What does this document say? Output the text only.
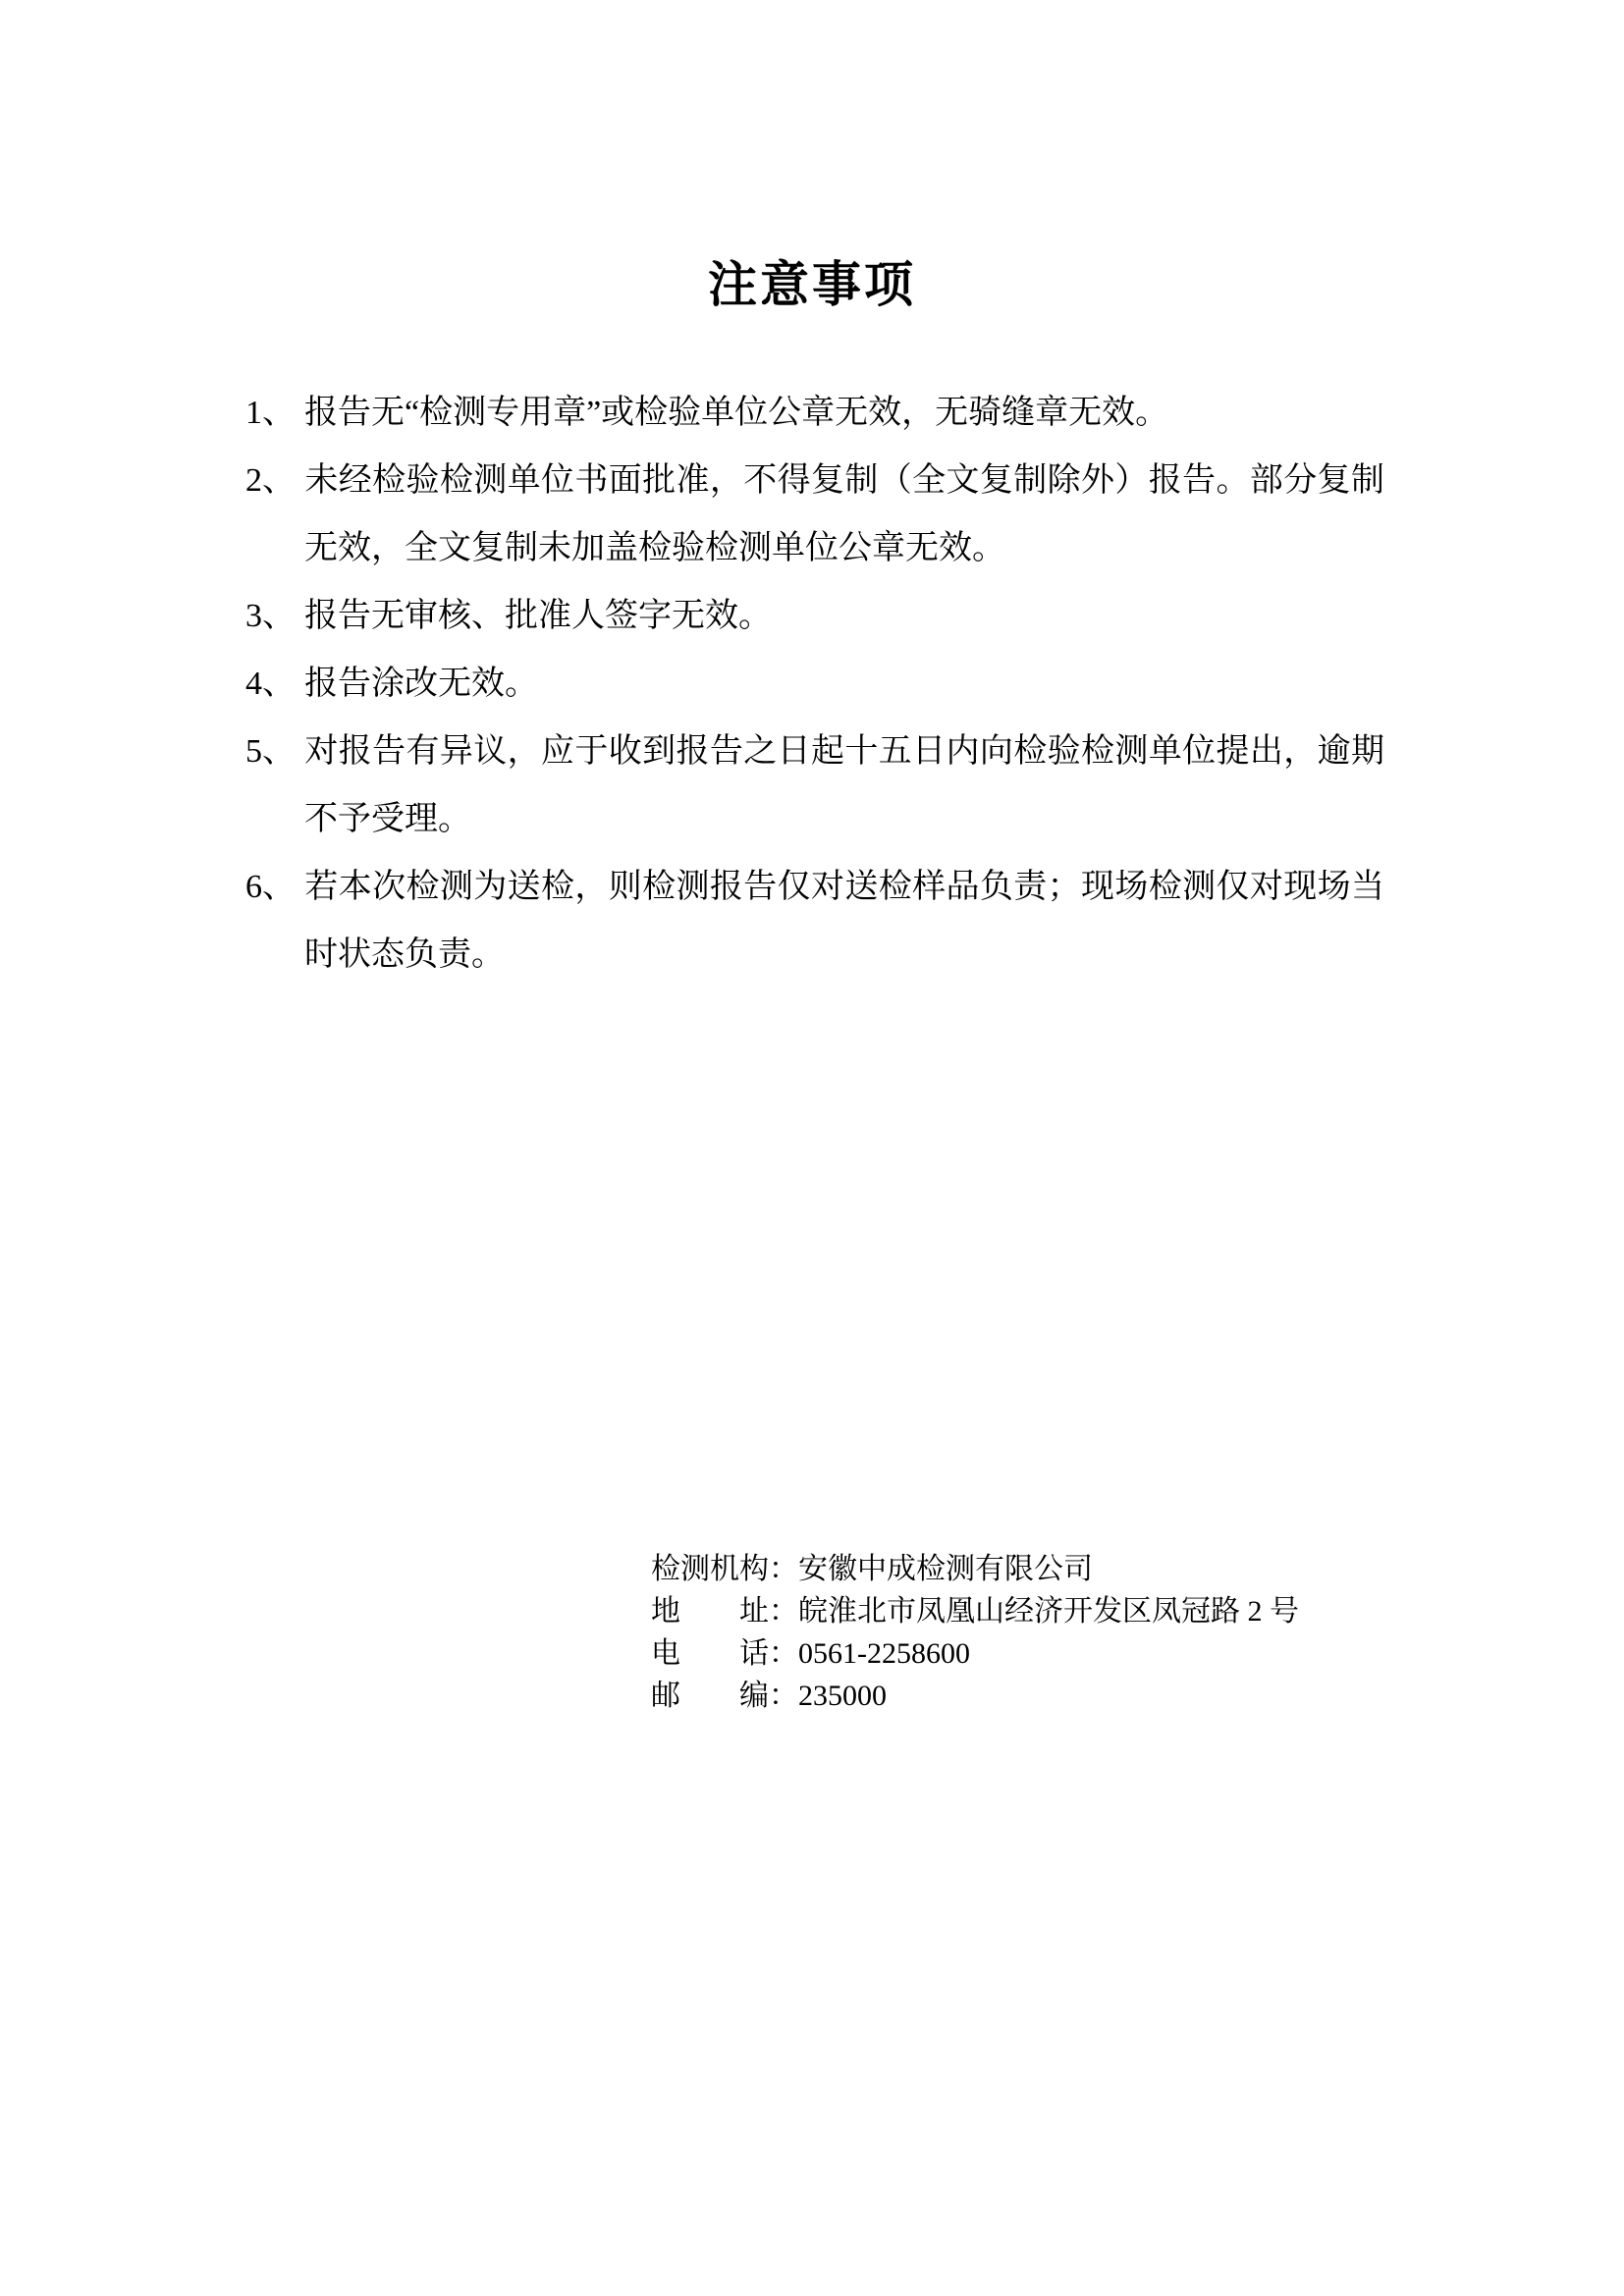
注意事项
1、 报告无“检测专用章”或检验单位公章无效，无骑缝章无效。
2、 未经检验检测单位书面批准，不得复制（全文复制除外）报告。部分复制无效，全文复制未加盖检验检测单位公章无效。
3、 报告无审核、批准人签字无效。
4、 报告涂改无效。
5、 对报告有异议，应于收到报告之日起十五日内向检验检测单位提出，逾期不予受理。
6、 若本次检测为送检，则检测报告仅对送检样品负责；现场检测仅对现场当时状态负责。
检测机构：安徽中成检测有限公司
地　　址：皖淮北市凤凰山经济开发区凤冠路 2 号
电　　话：0561-2258600
邮　　编：235000
